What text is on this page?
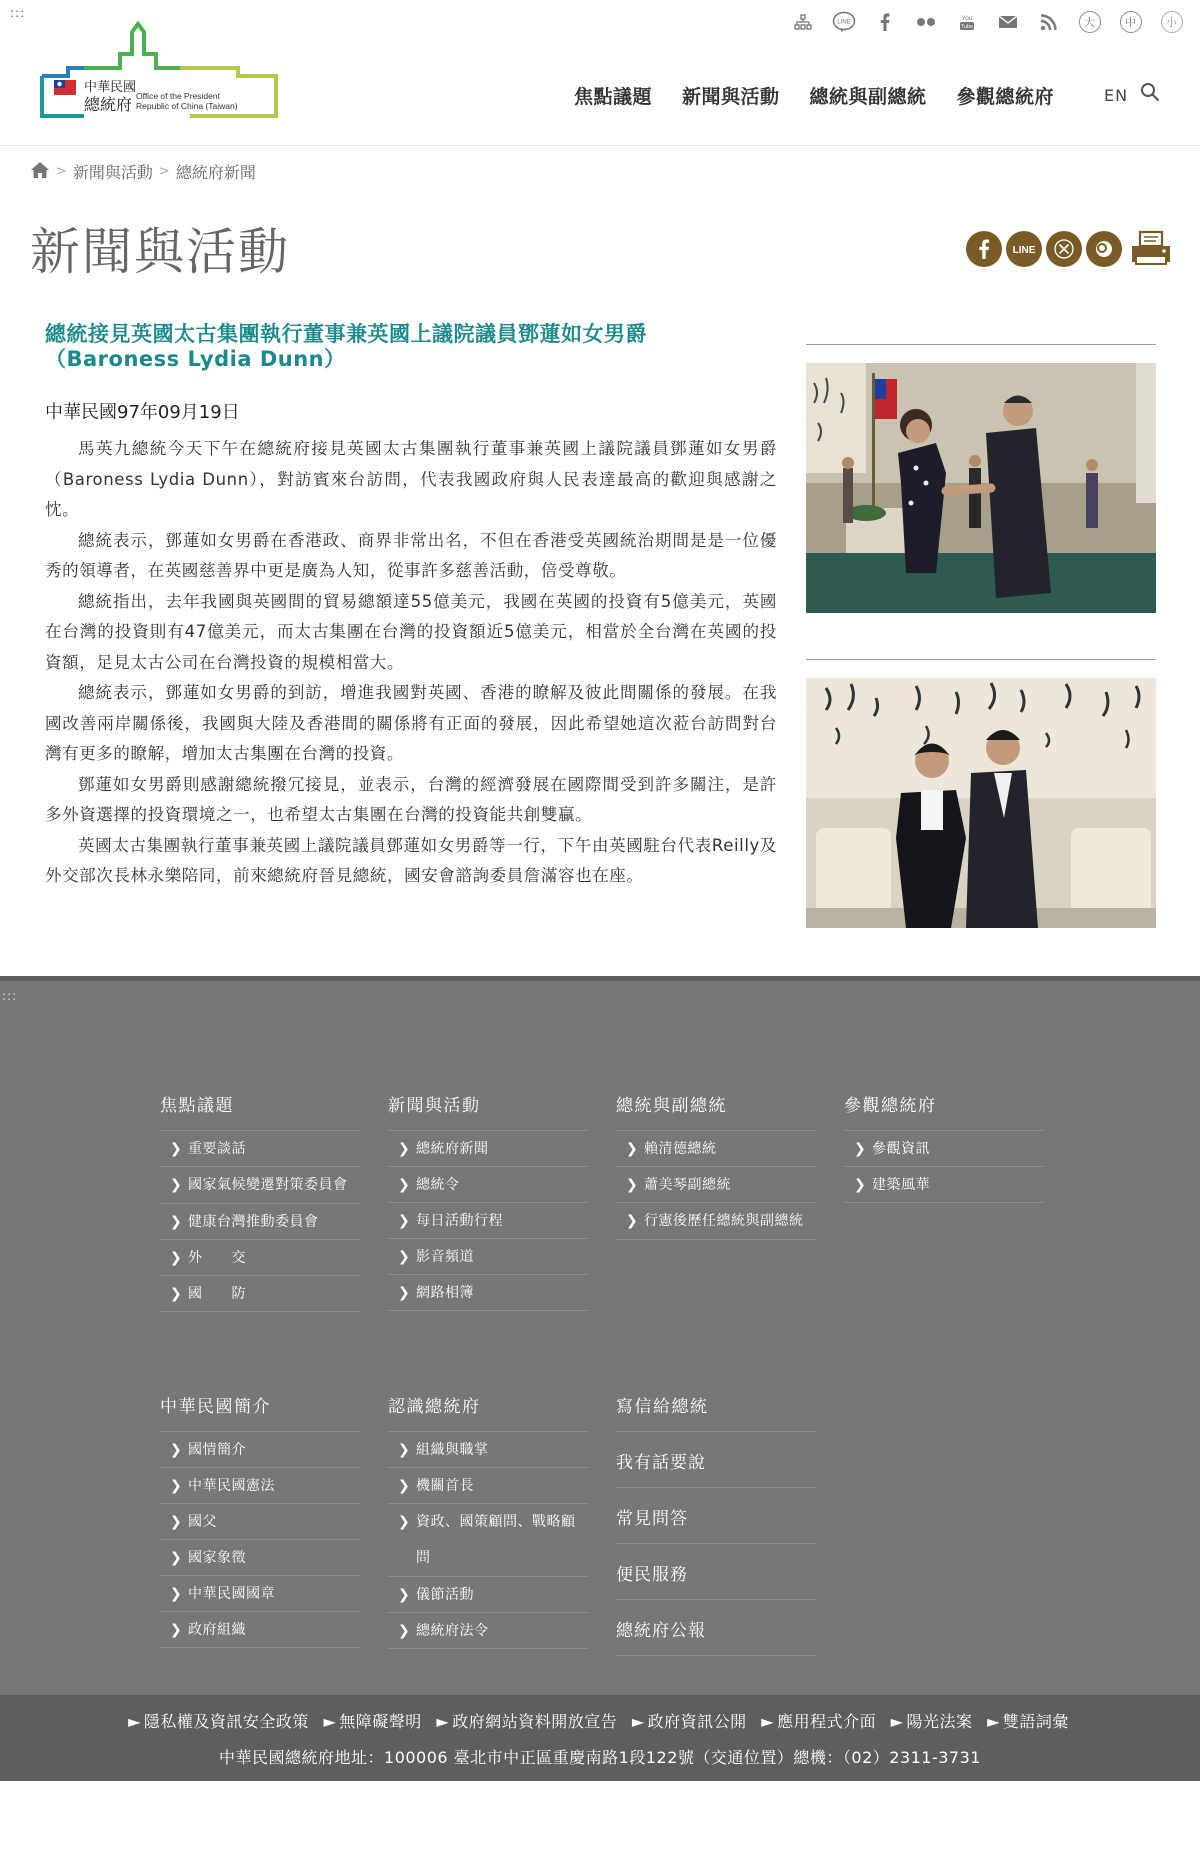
:::
中華民國
總統府
Office of the President
Republic of China (Taiwan)
LINE
You
Tube	大	中	小
焦點議題 新聞與活動 總統與副總統 參觀總統府	EN
> 新聞與活動 > 總統府新聞
新聞與活動	LINE
總統接見英國太古集團執行董事兼英國上議院議員鄧蓮如女男爵（Baroness Lydia Dunn）
中華民國97年09月19日

馬英九總統今天下午在總統府接見英國太古集團執行董事兼英國上議院議員鄧蓮如女男爵（Baroness Lydia Dunn），對訪賓來台訪問，代表我國政府與人民表達最高的歡迎與感謝之忱。

總統表示，鄧蓮如女男爵在香港政、商界非常出名，不但在香港受英國統治期間是是一位優秀的領導者，在英國慈善界中更是廣為人知，從事許多慈善活動，倍受尊敬。

總統指出，去年我國與英國間的貿易總額達55億美元，我國在英國的投資有5億美元，英國在台灣的投資則有47億美元，而太古集團在台灣的投資額近5億美元，相當於全台灣在英國的投資額，足見太古公司在台灣投資的規模相當大。

總統表示，鄧蓮如女男爵的到訪，增進我國對英國、香港的瞭解及彼此間關係的發展。在我國改善兩岸關係後，我國與大陸及香港間的關係將有正面的發展，因此希望她這次蒞台訪問對台灣有更多的瞭解，增加太古集團在台灣的投資。

鄧蓮如女男爵則感謝總統撥冗接見，並表示，台灣的經濟發展在國際間受到許多關注，是許多外資選擇的投資環境之一，也希望太古集團在台灣的投資能共創雙贏。

英國太古集團執行董事兼英國上議院議員鄧蓮如女男爵等一行，下午由英國駐台代表Reilly及外交部次長林永樂陪同，前來總統府晉見總統，國安會諮詢委員詹滿容也在座。

:::
焦點議題
❯ 重要談話
❯ 國家氣候變遷對策委員會
❯ 健康台灣推動委員會
❯ 外　　交
❯ 國　　防
新聞與活動
❯ 總統府新聞
❯ 總統令
❯ 每日活動行程
❯ 影音頻道
❯ 網路相簿
總統與副總統
❯ 賴清德總統
❯ 蕭美琴副總統
❯ 行憲後歷任總統與副總統
參觀總統府
❯ 參觀資訊
❯ 建築風華
中華民國簡介
❯ 國情簡介
❯ 中華民國憲法
❯ 國父
❯ 國家象徵
❯ 中華民國國章
❯ 政府組織
認識總統府
❯ 組織與職掌
❯ 機關首長
❯ 資政、國策顧問、戰略顧問
❯ 儀節活動
❯ 總統府法令
寫信給總統
我有話要說
常見問答
便民服務
總統府公報
► 隱私權及資訊安全政策 ► 無障礙聲明 ► 政府網站資料開放宣告 ► 政府資訊公開 ► 應用程式介面 ► 陽光法案 ► 雙語詞彙
中華民國總統府地址：100006 臺北市中正區重慶南路1段122號（交通位置）總機：（02）2311-3731
